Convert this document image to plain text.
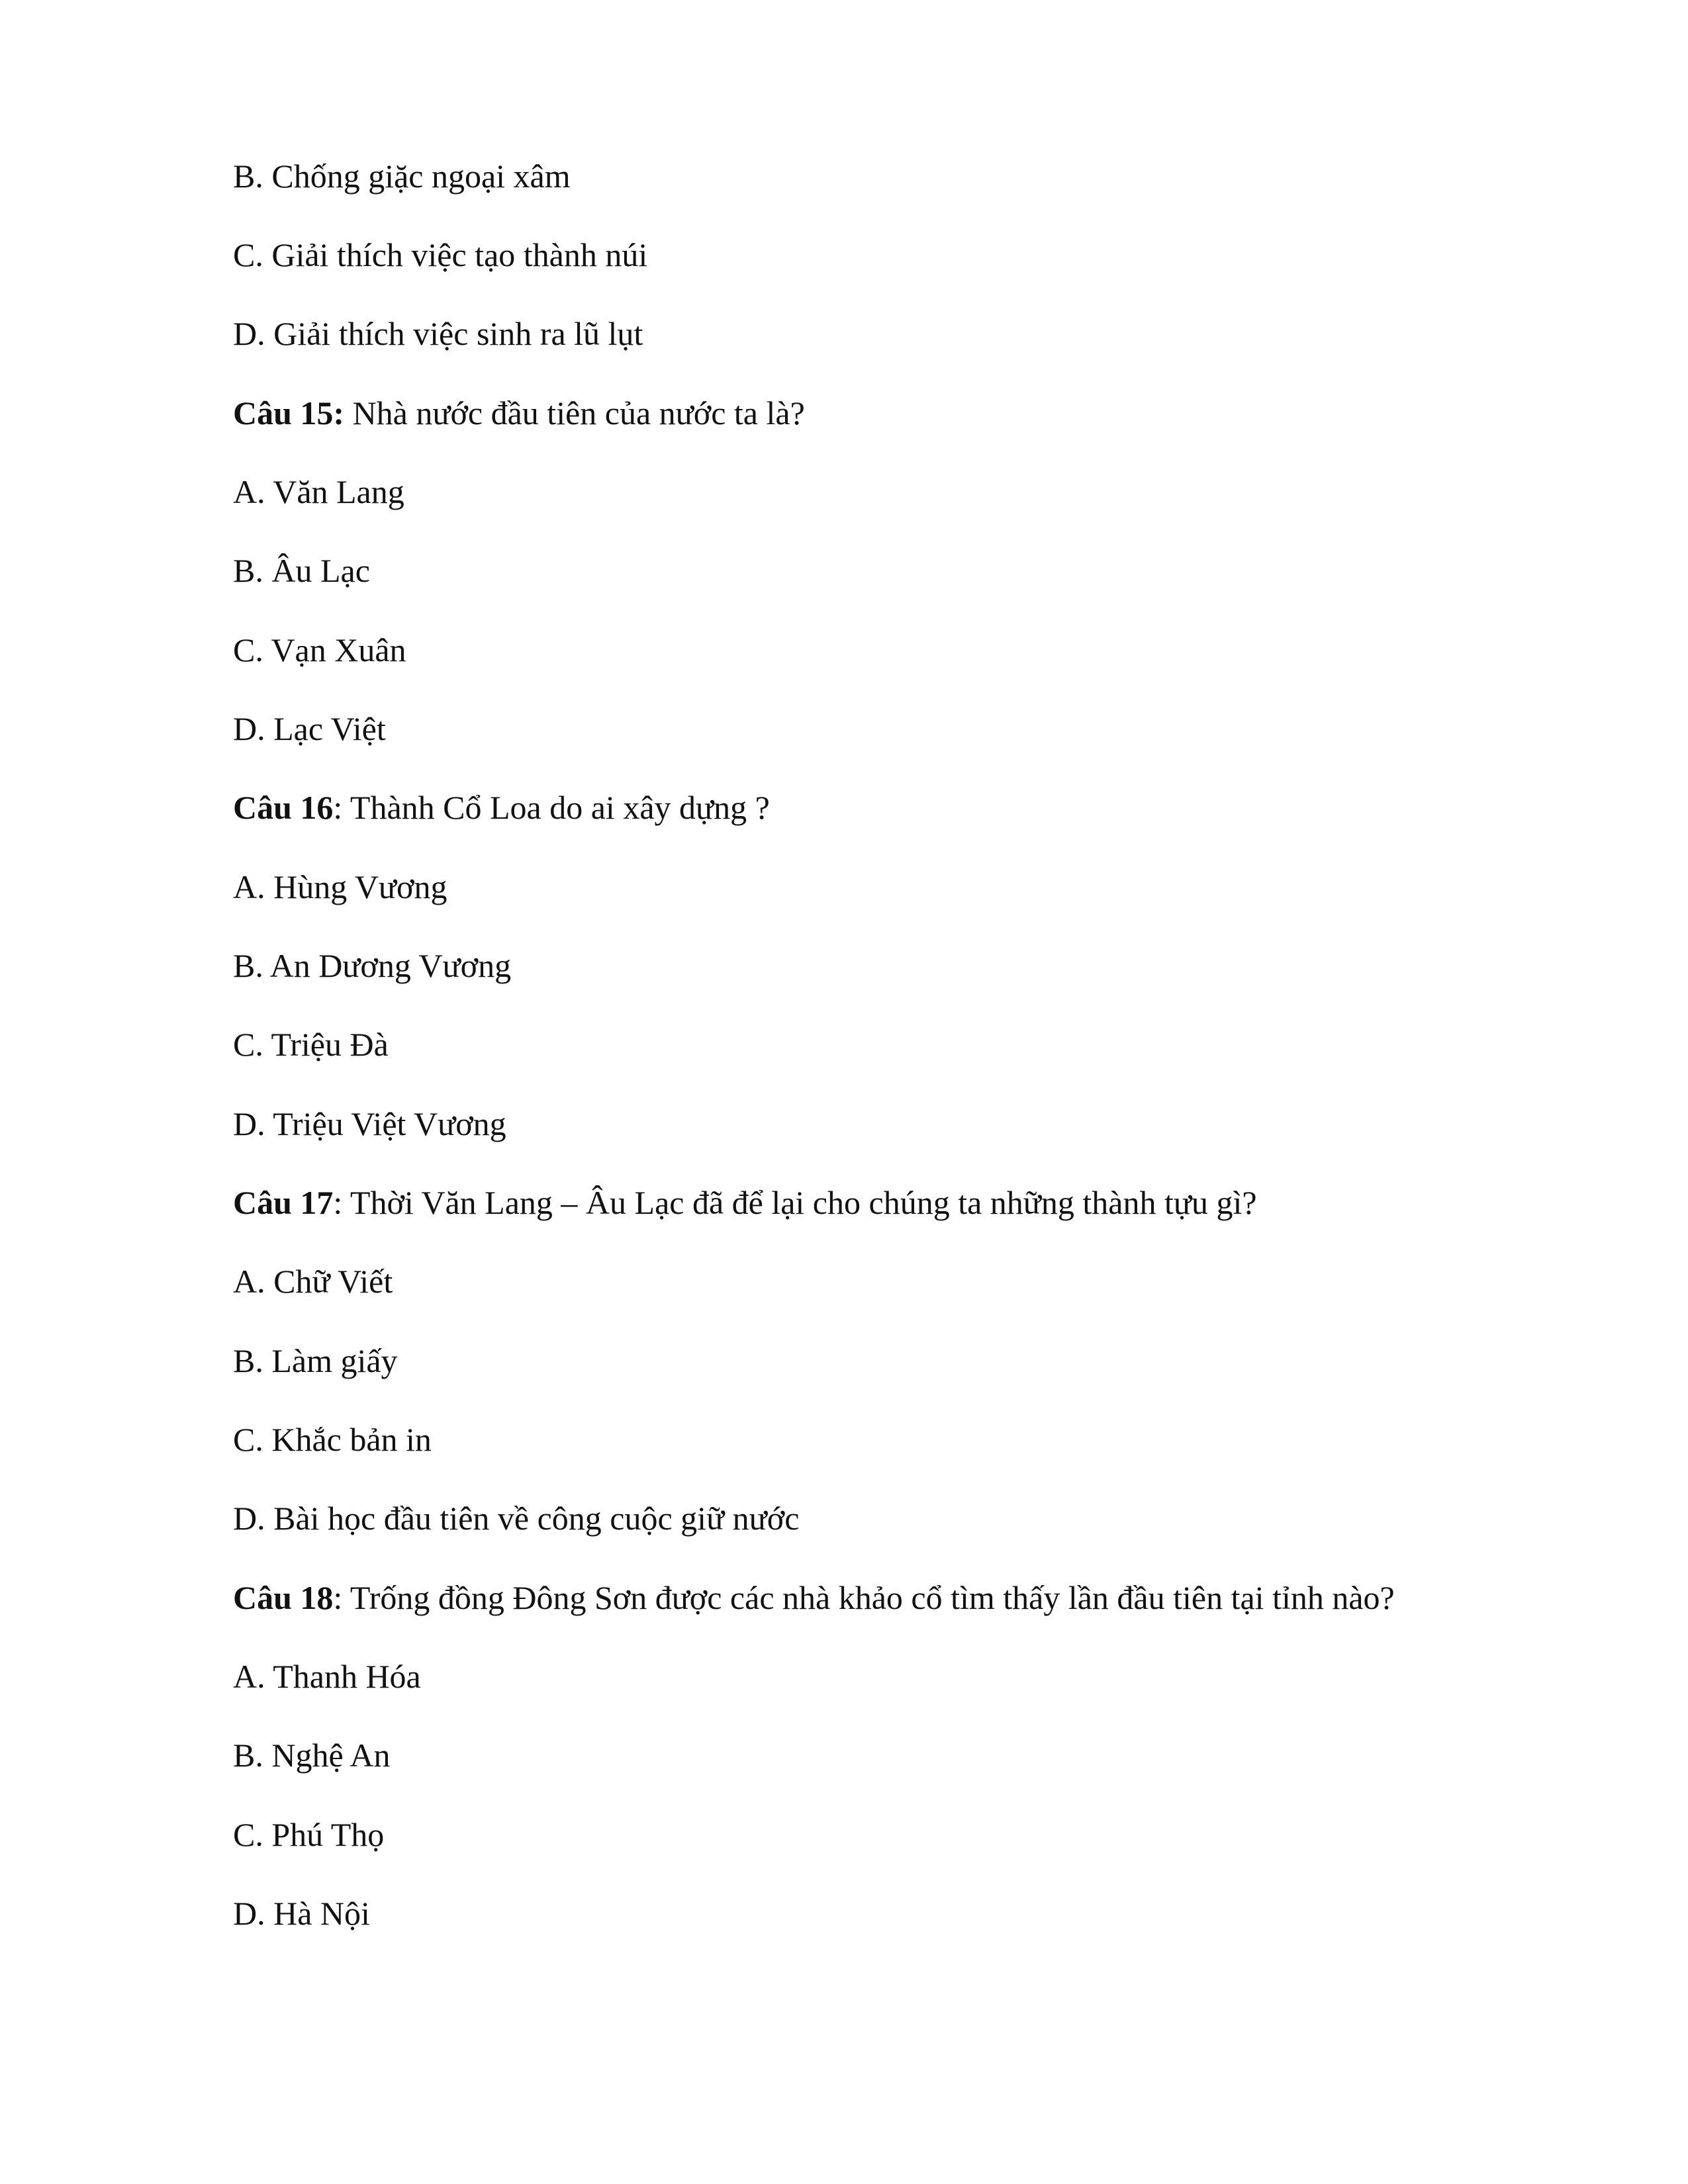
B. Chống giặc ngoại xâm

C. Giải thích việc tạo thành núi

D. Giải thích việc sinh ra lũ lụt

Câu 15: Nhà nước đầu tiên của nước ta là?

A. Văn Lang

B. Âu Lạc

C. Vạn Xuân

D. Lạc Việt

Câu 16: Thành Cổ Loa do ai xây dựng ?

A. Hùng Vương

B. An Dương Vương

C. Triệu Đà

D. Triệu Việt Vương

Câu 17: Thời Văn Lang – Âu Lạc đã để lại cho chúng ta những thành tựu gì?

A. Chữ Viết

B. Làm giấy

C. Khắc bản in

D. Bài học đầu tiên về công cuộc giữ nước

Câu 18: Trống đồng Đông Sơn được các nhà khảo cổ tìm thấy lần đầu tiên tại tỉnh nào?

A. Thanh Hóa

B. Nghệ An

C. Phú Thọ

D. Hà Nội
